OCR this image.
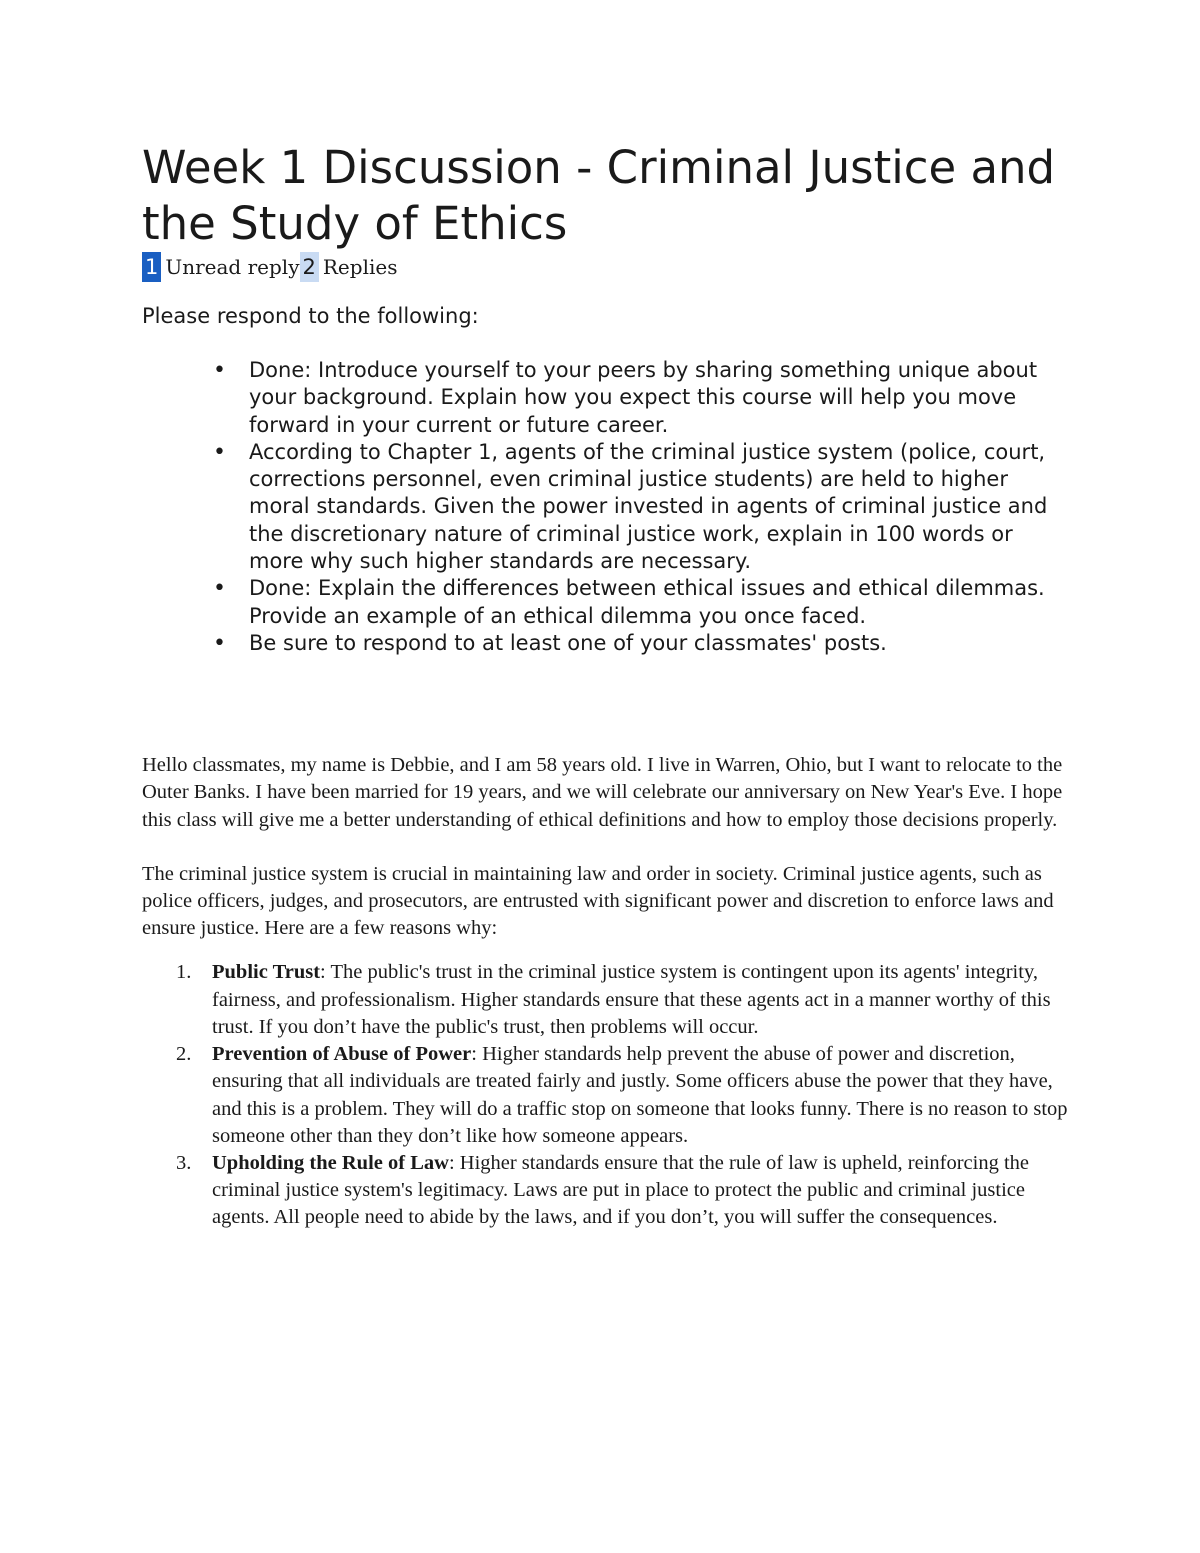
Week 1 Discussion - Criminal Justice and the Study of Ethics
1 Unread reply 2 Replies

Please respond to the following:

• Done: Introduce yourself to your peers by sharing something unique about your background. Explain how you expect this course will help you move forward in your current or future career.
• According to Chapter 1, agents of the criminal justice system (police, court, corrections personnel, even criminal justice students) are held to higher moral standards. Given the power invested in agents of criminal justice and the discretionary nature of criminal justice work, explain in 100 words or more why such higher standards are necessary.
• Done: Explain the differences between ethical issues and ethical dilemmas. Provide an example of an ethical dilemma you once faced.
• Be sure to respond to at least one of your classmates' posts.

Hello classmates, my name is Debbie, and I am 58 years old. I live in Warren, Ohio, but I want to relocate to the Outer Banks. I have been married for 19 years, and we will celebrate our anniversary on New Year's Eve. I hope this class will give me a better understanding of ethical definitions and how to employ those decisions properly.

The criminal justice system is crucial in maintaining law and order in society. Criminal justice agents, such as police officers, judges, and prosecutors, are entrusted with significant power and discretion to enforce laws and ensure justice. Here are a few reasons why:

1. Public Trust: The public's trust in the criminal justice system is contingent upon its agents' integrity, fairness, and professionalism. Higher standards ensure that these agents act in a manner worthy of this trust. If you don’t have the public's trust, then problems will occur.
2. Prevention of Abuse of Power: Higher standards help prevent the abuse of power and discretion, ensuring that all individuals are treated fairly and justly. Some officers abuse the power that they have, and this is a problem. They will do a traffic stop on someone that looks funny. There is no reason to stop someone other than they don’t like how someone appears.
3. Upholding the Rule of Law: Higher standards ensure that the rule of law is upheld, reinforcing the criminal justice system's legitimacy. Laws are put in place to protect the public and criminal justice agents. All people need to abide by the laws, and if you don’t, you will suffer the consequences.
